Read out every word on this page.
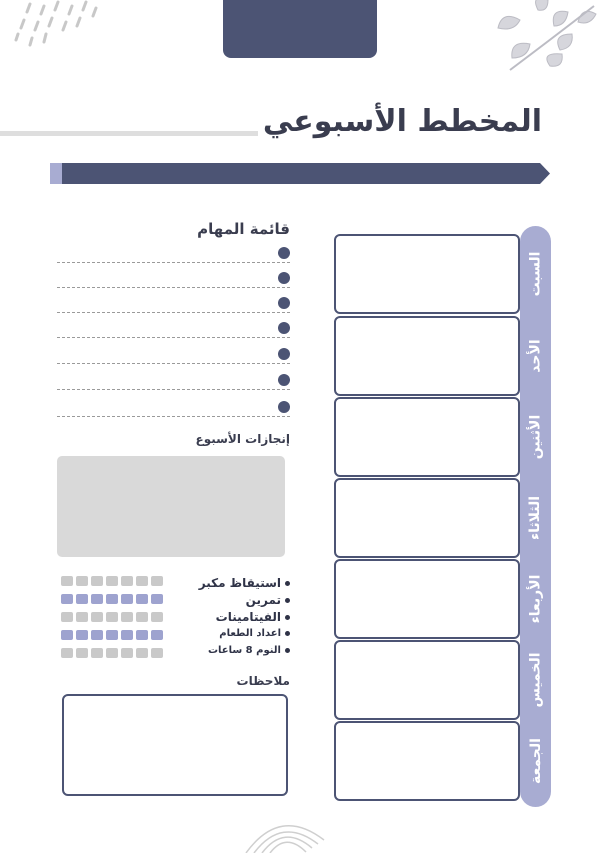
المخطط الأسبوعي
السبت
الأحد
الأثنين
الثلاثاء
الأربعاء
الخميس
الجمعة
قائمة المهام
إنجازات الأسبوع
استيقاظ مكبر
تمرين
الفيتامينات
اعداد الطعام
النوم 8 ساعات
ملاحظات
